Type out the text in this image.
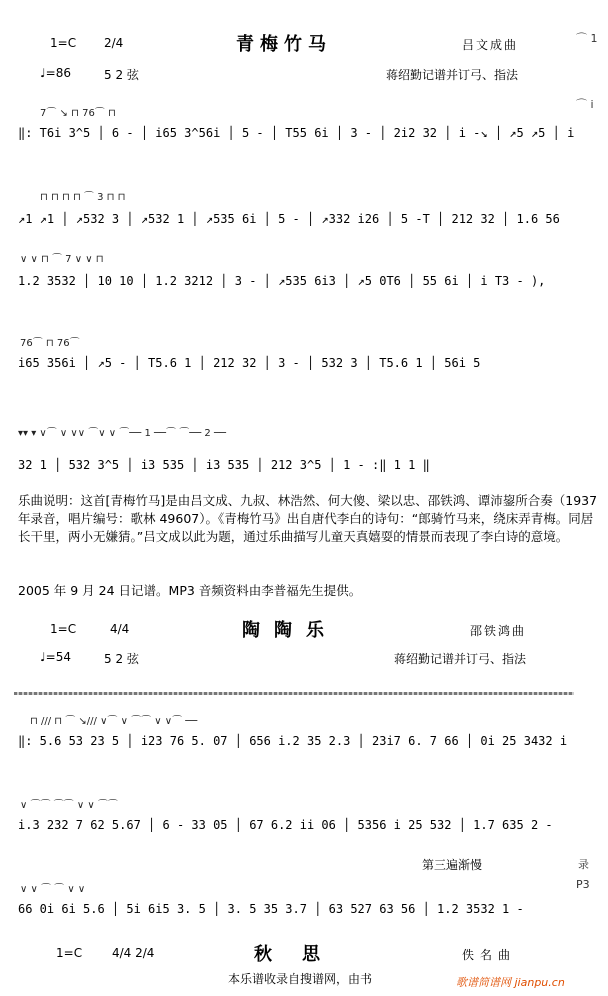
1=C 2/4	青梅竹马	吕文成曲
♩=86	5 2 弦	蒋绍勤记谱并订弓、指法
7⌒ ↘ ⊓ 76⌒ ⊓
‖: T6i 3^5 │ 6 - │ i65 3^56i │ 5 - │ T55 6i │ 3 - │ 2i2 32 │ i -↘ │ ↗5 ↗5 │ i
⊓ ⊓ ⊓ ⊓ ⌒ 3 ⊓ ⊓
↗1 ↗1 │ ↗532 3 │ ↗532 1 │ ↗535 6i │ 5 - │ ↗332 i26 │ 5 -T │ 212 32 │ 1.6 56
∨ ∨ ⊓ ⌒ 7 ∨ ∨ ⊓
1.2 3532 │ 10 10 │ 1.2 3212 │ 3 - │ ↗535 6i3 │ ↗5 0T6 │ 55 6i │ i T3 - ),
76⌒ ⊓ 76⌒
i65 356i │ ↗5 - │ T5.6 1 │ 212 32 │ 3 - │ 532 3 │ T5.6 1 │ 56i 5
▾▾ ▾ ∨⌒ ∨ ∨∨ ⌒∨ ∨ ⌒── 1 ──⌒ ⌒── 2 ──
32 1 │ 532 3^5 │ i3 535 │ i3 535 │ 212 3^5 │ 1 - :‖ 1 1 ‖
乐曲说明：这首[青梅竹马]是由吕文成、九叔、林浩然、何大傻、梁以忠、邵铁鸿、谭沛鋆所合奏（1937年录音，唱片编号：歌林 49607）。《青梅竹马》出自唐代李白的诗句：“郎骑竹马来，绕床弄青梅。同居长干里，两小无嫌猜。”吕文成以此为题，通过乐曲描写儿童天真嬉耍的情景而表现了李白诗的意境。
2005 年 9 月 24 日记谱。MP3 音频资料由李普福先生提供。
1=C	4/4	陶陶乐	邵铁鸿曲
♩=54	5 2 弦	蒋绍勤记谱并订弓、指法
⊓ /// ⊓ ⌒ ↘/// ∨⌒ ∨ ⌒⌒ ∨ ∨⌒ ──
‖: 5.6 53 23 5 │ i23 76 5. 07 │ 656 i.2 35 2.3 │ 23i7 6. 7 66 │ 0i 25 3432 i
∨ ⌒⌒ ⌒⌒ ∨ ∨ ⌒⌒
i.3 232 7 62 5.67 │ 6 - 33 05 │ 67 6.2 ii 06 │ 5356 i 25 532 │ 1.7 635 2 -
第三遍渐慢
∨ ∨ ⌒ ⌒ ∨ ∨
66 0i 6i 5.6 │ 5i 6i5 3. 5 │ 3. 5 35 3.7 │ 63 527 63 56 │ 1.2 3532 1 -
1=C 4/4 2/4	秋思	佚名曲
本乐谱收录自搜谱网，由书	歌谱简谱网 jianpu.cn
⌒ 1
⌒ i
录
P3
